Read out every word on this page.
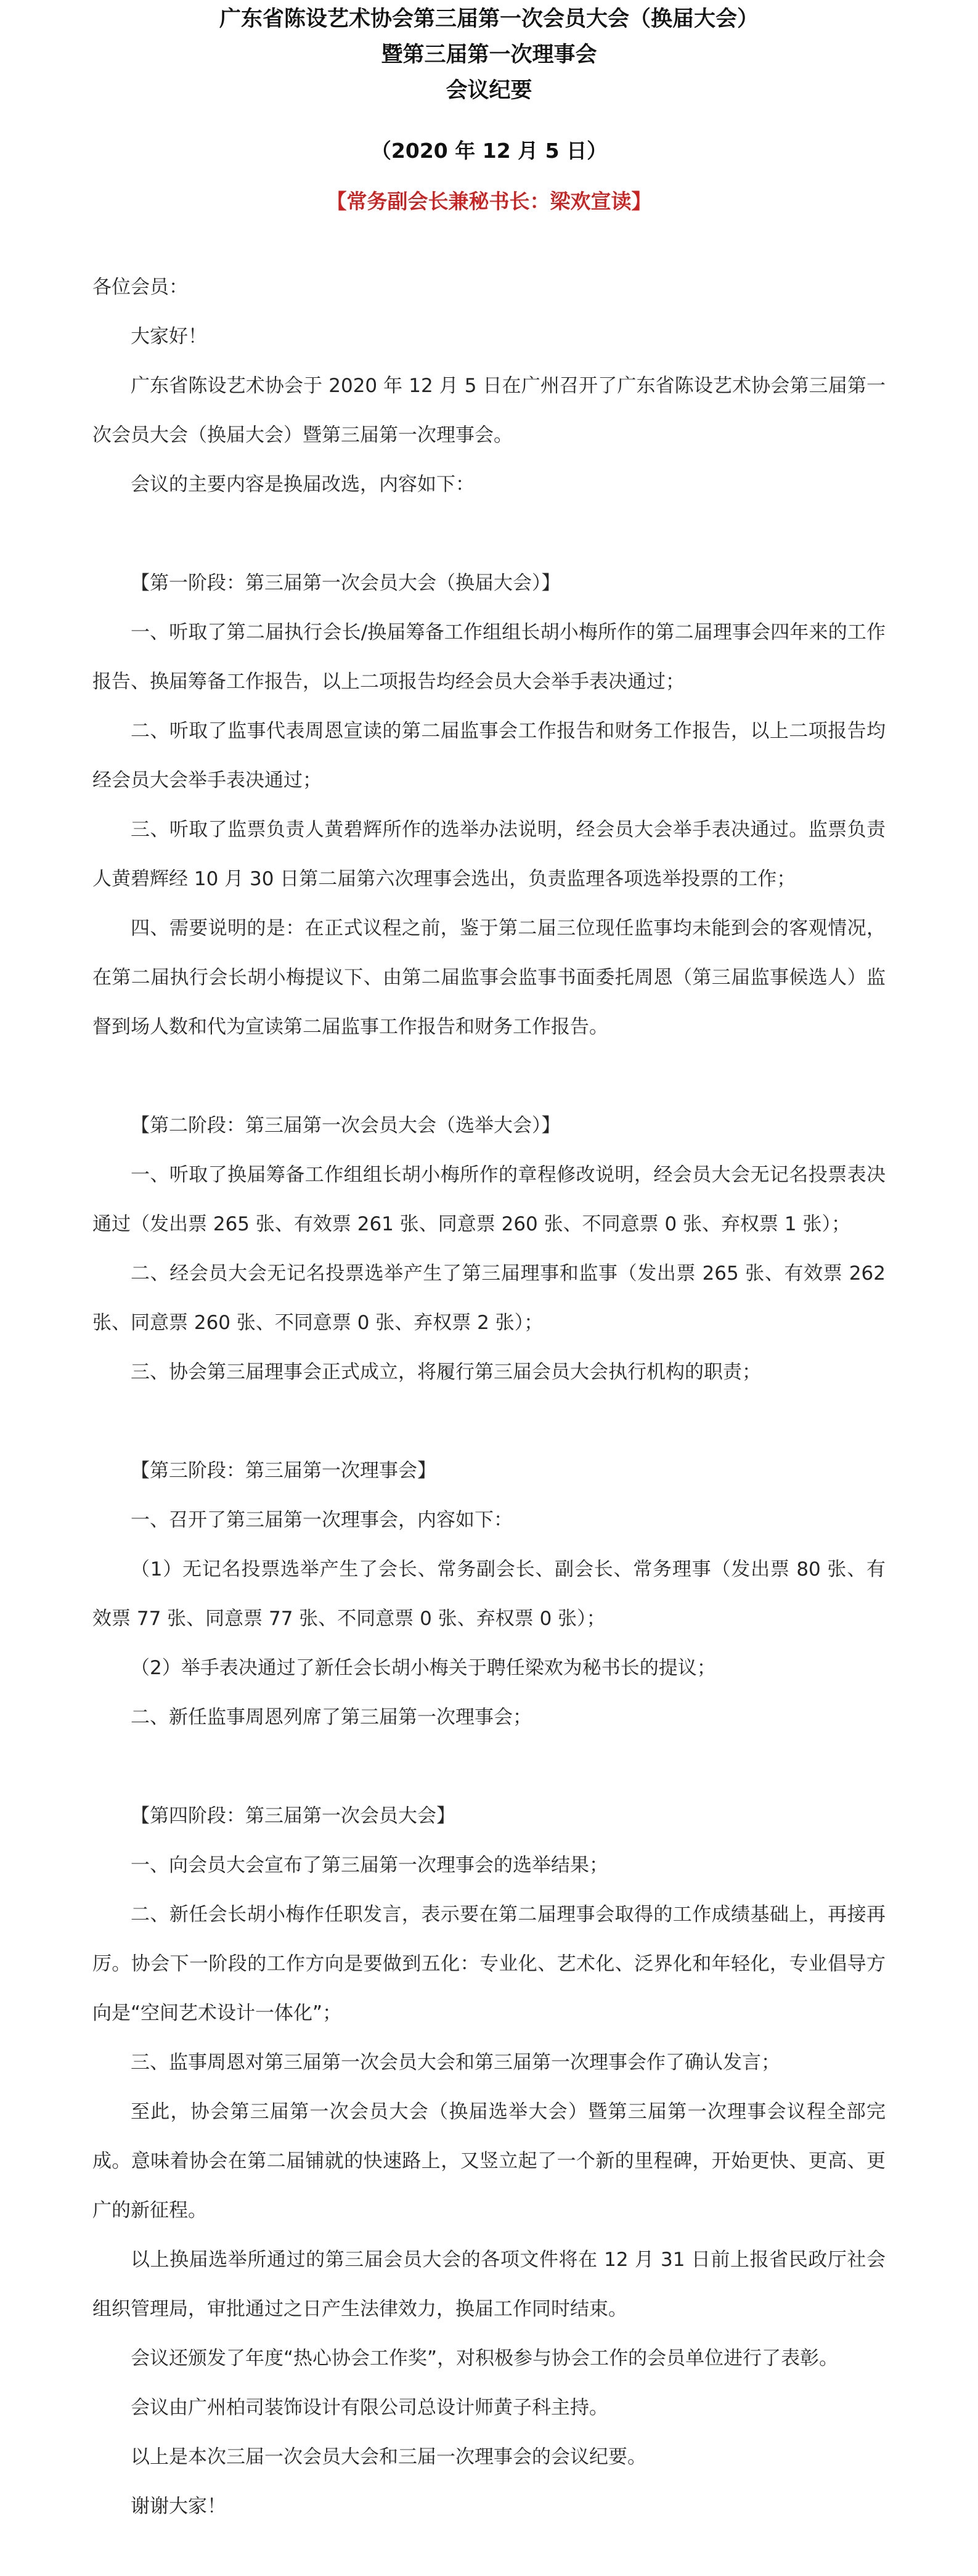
广东省陈设艺术协会第三届第一次会员大会（换届大会）
暨第三届第一次理事会
会议纪要
（2020 年 12 月 5 日）
【常务副会长兼秘书长：梁欢宣读】

各位会员：

大家好！

广东省陈设艺术协会于 2020 年 12 月 5 日在广州召开了广东省陈设艺术协会第三届第一次会员大会（换届大会）暨第三届第一次理事会。

会议的主要内容是换届改选，内容如下：

【第一阶段：第三届第一次会员大会（换届大会）】

一、听取了第二届执行会长/换届筹备工作组组长胡小梅所作的第二届理事会四年来的工作报告、换届筹备工作报告，以上二项报告均经会员大会举手表决通过；

二、听取了监事代表周恩宣读的第二届监事会工作报告和财务工作报告，以上二项报告均经会员大会举手表决通过；

三、听取了监票负责人黄碧辉所作的选举办法说明，经会员大会举手表决通过。监票负责人黄碧辉经 10 月 30 日第二届第六次理事会选出，负责监理各项选举投票的工作；

四、需要说明的是：在正式议程之前，鉴于第二届三位现任监事均未能到会的客观情况，在第二届执行会长胡小梅提议下、由第二届监事会监事书面委托周恩（第三届监事候选人）监督到场人数和代为宣读第二届监事工作报告和财务工作报告。

【第二阶段：第三届第一次会员大会（选举大会）】

一、听取了换届筹备工作组组长胡小梅所作的章程修改说明，经会员大会无记名投票表决通过（发出票 265 张、有效票 261 张、同意票 260 张、不同意票 0 张、弃权票 1 张）；

二、经会员大会无记名投票选举产生了第三届理事和监事（发出票 265 张、有效票 262 张、同意票 260 张、不同意票 0 张、弃权票 2 张）；

三、协会第三届理事会正式成立，将履行第三届会员大会执行机构的职责；

【第三阶段：第三届第一次理事会】

一、召开了第三届第一次理事会，内容如下：

（1）无记名投票选举产生了会长、常务副会长、副会长、常务理事（发出票 80 张、有效票 77 张、同意票 77 张、不同意票 0 张、弃权票 0 张）；

（2）举手表决通过了新任会长胡小梅关于聘任梁欢为秘书长的提议；

二、新任监事周恩列席了第三届第一次理事会；

【第四阶段：第三届第一次会员大会】

一、向会员大会宣布了第三届第一次理事会的选举结果；

二、新任会长胡小梅作任职发言，表示要在第二届理事会取得的工作成绩基础上，再接再厉。协会下一阶段的工作方向是要做到五化：专业化、艺术化、泛界化和年轻化，专业倡导方向是“空间艺术设计一体化”；

三、监事周恩对第三届第一次会员大会和第三届第一次理事会作了确认发言；

至此，协会第三届第一次会员大会（换届选举大会）暨第三届第一次理事会议程全部完成。意味着协会在第二届铺就的快速路上，又竖立起了一个新的里程碑，开始更快、更高、更广的新征程。

以上换届选举所通过的第三届会员大会的各项文件将在 12 月 31 日前上报省民政厅社会组织管理局，审批通过之日产生法律效力，换届工作同时结束。

会议还颁发了年度“热心协会工作奖”，对积极参与协会工作的会员单位进行了表彰。

会议由广州柏司装饰设计有限公司总设计师黄子科主持。

以上是本次三届一次会员大会和三届一次理事会的会议纪要。

谢谢大家！
